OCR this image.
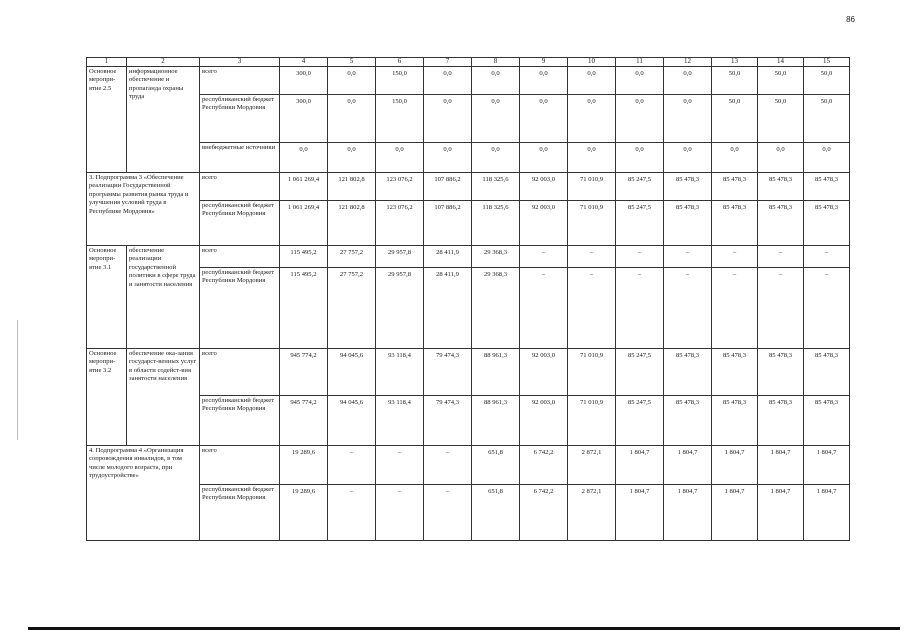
86
1	2	3	4	5	6	7	8	9	10	11	12	13	14	15
Основное меропри-ятие 2.5	информационное обеспечение и пропаганда охраны труда	всего	300,0	0,0	150,0	0,0	0,0	0,0	0,0	0,0	0,0	50,0	50,0	50,0
		республиканский бюджет Республики Мордовия	300,0	0,0	150,0	0,0	0,0	0,0	0,0	0,0	0,0	50,0	50,0	50,0
		внебюджетные источники	0,0	0,0	0,0	0,0	0,0	0,0	0,0	0,0	0,0	0,0	0,0	0,0
3. Подпрограмма 3 «Обеспечение реализации Государственной программы развития рынка труда и улучшения условий труда в Республике Мордовия»		всего	1 061 269,4	121 802,8	123 076,2	107 886,2	118 325,6	92 003,0	71 010,9	85 247,5	85 478,3	85 478,3	85 478,3	85 478,3
		республиканский бюджет Республики Мордовия	1 061 269,4	121 802,8	123 076,2	107 886,2	118 325,6	92 003,0	71 010,9	85 247,5	85 478,3	85 478,3	85 478,3	85 478,3
Основное меропри-ятие 3.1	обеспечение реализации государственной политики в сфере труда и занятости населения	всего	115 495,2	27 757,2	29 957,8	28 411,9	29 368,3	–	–	–	–	–	–	–
		республиканский бюджет Республики Мордовия	115 495,2	27 757,2	29 957,8	28 411,9	29 368,3	–	–	–	–	–	–	–
Основное меропри-ятие 3.2	обеспечение ока-зания государст-венных услуг в области содейст-вия занятости населения	всего	945 774,2	94 045,6	93 118,4	79 474,3	88 961,3	92 003,0	71 010,9	85 247,5	85 478,3	85 478,3	85 478,3	85 478,3
		республиканский бюджет Республики Мордовия	945 774,2	94 045,6	93 118,4	79 474,3	88 961,3	92 003,0	71 010,9	85 247,5	85 478,3	85 478,3	85 478,3	85 478,3
4. Подпрограмма 4 «Организация сопровождения инвалидов, в том числе молодого возраста, при трудоустройстве»		всего	19 289,6	–	–	–	651,8	6 742,2	2 872,1	1 804,7	1 804,7	1 804,7	1 804,7	1 804,7
		республиканский бюджет Республики Мордовия	19 289,6	–	–	–	651,8	6 742,2	2 872,1	1 804,7	1 804,7	1 804,7	1 804,7	1 804,7
